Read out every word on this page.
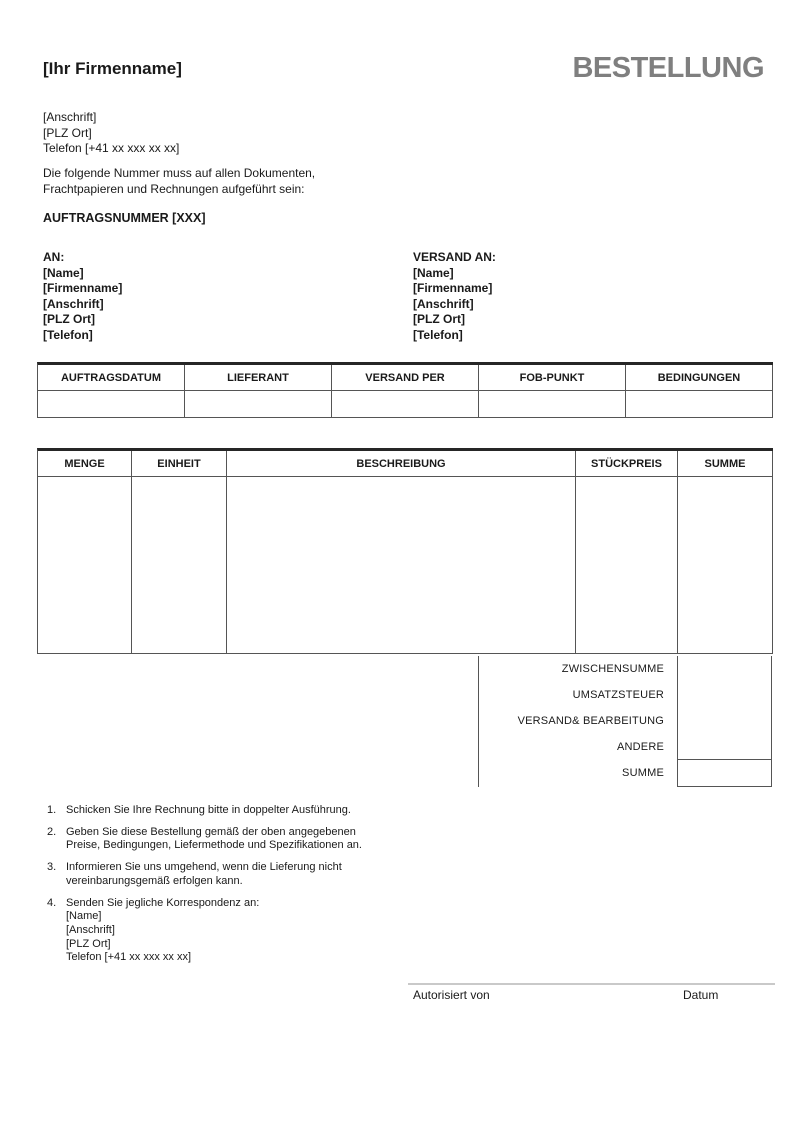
[Ihr Firmenname]	BESTELLUNG
[Anschrift]
[PLZ Ort]
Telefon [+41 xx xxx xx xx]
Die folgende Nummer muss auf allen Dokumenten,
Frachtpapieren und Rechnungen aufgeführt sein:
AUFTRAGSNUMMER [XXX]
AN:
[Name]
[Firmenname]
[Anschrift]
[PLZ Ort]
[Telefon]
VERSAND AN:
[Name]
[Firmenname]
[Anschrift]
[PLZ Ort]
[Telefon]
AUFTRAGSDATUM	LIEFERANT	VERSAND PER	FOB-PUNKT	BEDINGUNGEN
MENGE	EINHEIT	BESCHREIBUNG	STÜCKPREIS	SUMME
ZWISCHENSUMME
UMSATZSTEUER
VERSAND& BEARBEITUNG
ANDERE
SUMME
1. Schicken Sie Ihre Rechnung bitte in doppelter Ausführung.
2. Geben Sie diese Bestellung gemäß der oben angegebenen
Preise, Bedingungen, Liefermethode und Spezifikationen an.
3. Informieren Sie uns umgehend, wenn die Lieferung nicht
vereinbarungsgemäß erfolgen kann.
4. Senden Sie jegliche Korrespondenz an:
[Name]
[Anschrift]
[PLZ Ort]
Telefon [+41 xx xxx xx xx]
Autorisiert von	Datum
